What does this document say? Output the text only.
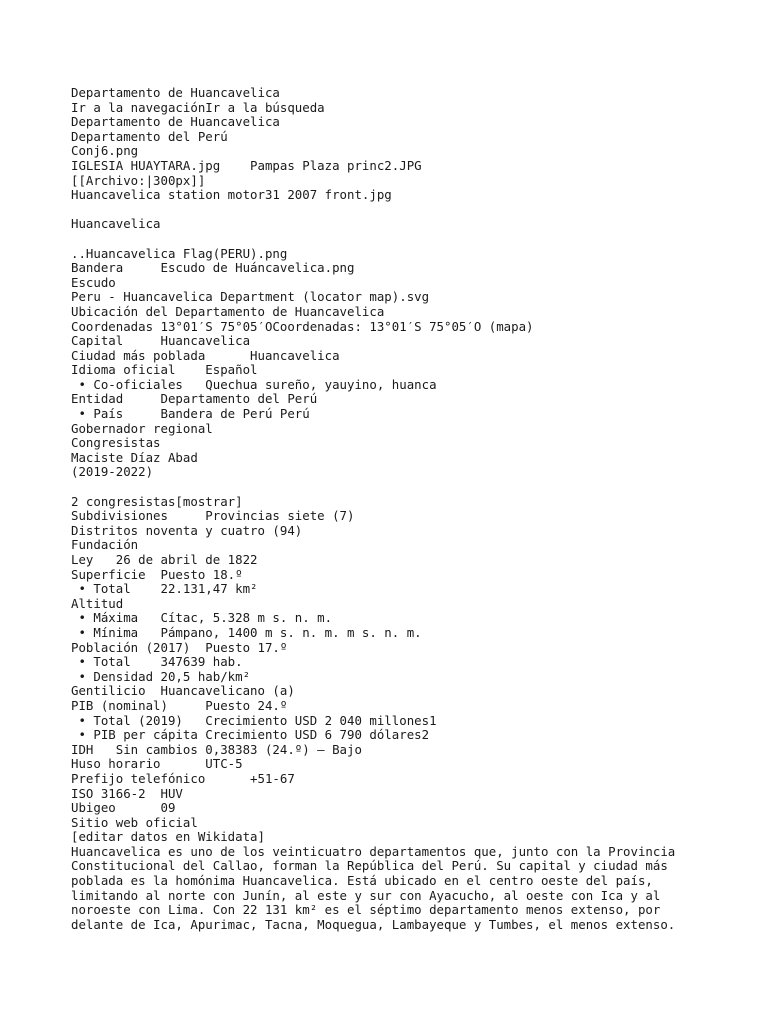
Departamento de Huancavelica
Ir a la navegaciónIr a la búsqueda
Departamento de Huancavelica
Departamento del Perú
Conj6.png
IGLESIA HUAYTARA.jpg    Pampas Plaza princ2.JPG
[[Archivo:|300px]]
Huancavelica station motor31 2007 front.jpg
Huancavelica
..Huancavelica Flag(PERU).png
Bandera     Escudo de Huáncavelica.png
Escudo
Peru - Huancavelica Department (locator map).svg
Ubicación del Departamento de Huancavelica
Coordenadas 13°01′S 75°05′OCoordenadas: 13°01′S 75°05′O (mapa)
Capital     Huancavelica
Ciudad más poblada      Huancavelica
Idioma oficial    Español
• Co-oficiales   Quechua sureño, yauyino, huanca
Entidad     Departamento del Perú
• País     Bandera de Perú Perú
Gobernador regional
Congresistas
Maciste Díaz Abad
(2019-2022)
2 congresistas[mostrar]
Subdivisiones     Provincias siete (7)
Distritos noventa y cuatro (94)
Fundación
Ley   26 de abril de 1822
Superficie  Puesto 18.º
• Total    22.131,47 km²
Altitud
• Máxima   Cítac, 5.328 m s. n. m.
• Mínima   Pámpano, 1400 m s. n. m. m s. n. m.
Población (2017)  Puesto 17.º
• Total    347639 hab.
• Densidad 20,5 hab/km²
Gentilicio  Huancavelicano (a)
PIB (nominal)     Puesto 24.º
• Total (2019)   Crecimiento USD 2 040 millones1
• PIB per cápita Crecimiento USD 6 790 dólares2
IDH   Sin cambios 0,38383 (24.º) – Bajo
Huso horario      UTC-5
Prefijo telefónico      +51-67
ISO 3166-2  HUV
Ubigeo      09
Sitio web oficial
[editar datos en Wikidata]
Huancavelica es uno de los veinticuatro departamentos que, junto con la Provincia
Constitucional del Callao, forman la República del Perú. Su capital y ciudad más
poblada es la homónima Huancavelica. Está ubicado en el centro oeste del país,
limitando al norte con Junín, al este y sur con Ayacucho, al oeste con Ica y al
noroeste con Lima. Con 22 131 km² es el séptimo departamento menos extenso, por
delante de Ica, Apurimac, Tacna, Moquegua, Lambayeque y Tumbes, el menos extenso.
